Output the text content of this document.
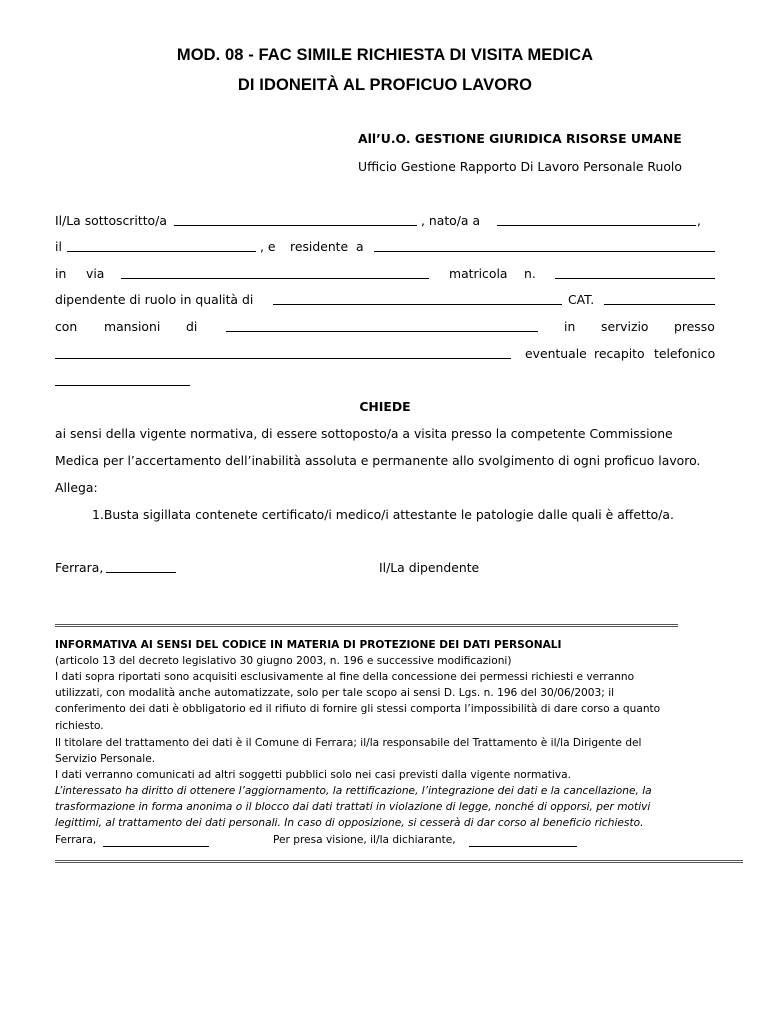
MOD. 08 - FAC SIMILE RICHIESTA DI VISITA MEDICA
DI IDONEITÀ AL PROFICUO LAVORO
All’U.O. GESTIONE GIURIDICA RISORSE UMANE
Ufficio Gestione Rapporto Di Lavoro Personale Ruolo
Il/La sottoscritto/a	, nato/a a	,
il	, e residente a
in via	matricola n.
dipendente di ruolo in qualità di	CAT.
con mansioni di	in servizio presso
eventuale recapito telefonico
CHIEDE
ai sensi della vigente normativa, di essere sottoposto/a a visita presso la competente Commissione
Medica per l’accertamento dell’inabilità assoluta e permanente allo svolgimento di ogni proficuo lavoro.
Allega:
1.Busta sigillata contenete certificato/i medico/i attestante le patologie dalle quali è affetto/a.
Ferrara,	Il/La dipendente
INFORMATIVA AI SENSI DEL CODICE IN MATERIA DI PROTEZIONE DEI DATI PERSONALI
(articolo 13 del decreto legislativo 30 giugno 2003, n. 196 e successive modificazioni)
I dati sopra riportati sono acquisiti esclusivamente al fine della concessione dei permessi richiesti e verranno
utilizzati, con modalità anche automatizzate, solo per tale scopo ai sensi D. Lgs. n. 196 del 30/06/2003; il
conferimento dei dati è obbligatorio ed il rifiuto di fornire gli stessi comporta l’impossibilità di dare corso a quanto
richiesto.
Il titolare del trattamento dei dati è il Comune di Ferrara; il/la responsabile del Trattamento è il/la Dirigente del
Servizio Personale.
I dati verranno comunicati ad altri soggetti pubblici solo nei casi previsti dalla vigente normativa.
L’interessato ha diritto di ottenere l’aggiornamento, la rettificazione, l’integrazione dei dati e la cancellazione, la
trasformazione in forma anonima o il blocco dai dati trattati in violazione di legge, nonché di opporsi, per motivi
legittimi, al trattamento dei dati personali. In caso di opposizione, si cesserà di dar corso al beneficio richiesto.
Ferrara,	Per presa visione, il/la dichiarante,
